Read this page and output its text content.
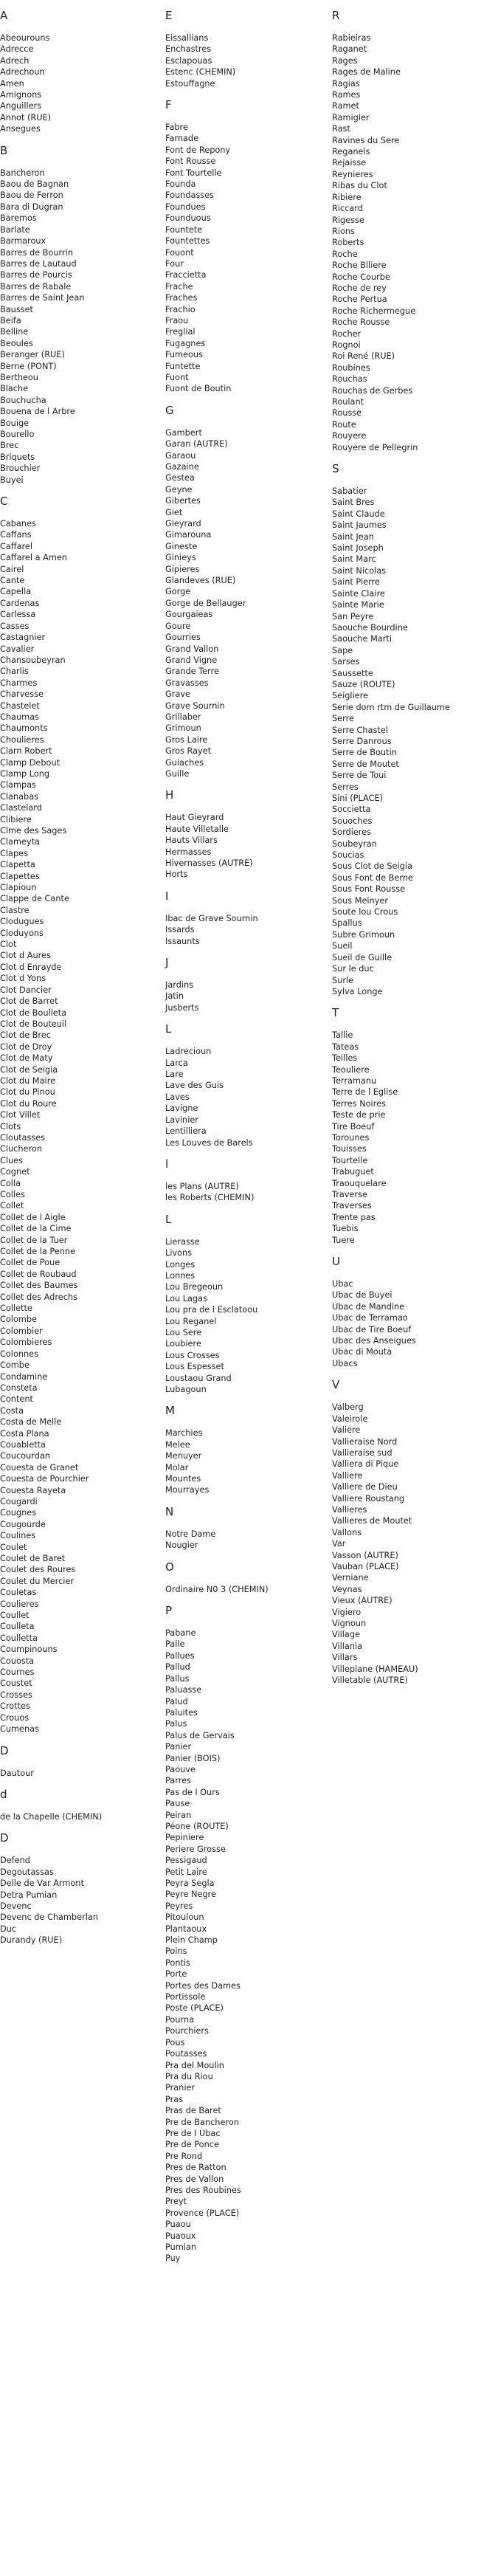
A
Abeourouns
Adrecce
Adrech
Adrechoun
Amen
Amignons
Anguillers
Annot (RUE)
Ansegues
B
Bancheron
Baou de Bagnan
Baou de Ferron
Bara di Dugran
Baremos
Barlate
Barmaroux
Barres de Bourrin
Barres de Lautaud
Barres de Pourcis
Barres de Rabale
Barres de Saint Jean
Bausset
Beifa
Belline
Beoules
Beranger (RUE)
Berne (PONT)
Bertheou
Blache
Bouchucha
Bouena de l Arbre
Bouige
Bourello
Brec
Briquets
Brouchier
Buyei
C
Cabanes
Caffans
Caffarel
Caffarel a Amen
Cairel
Cante
Capella
Cardenas
Carlessa
Casses
Castagnier
Cavalier
Chansoubeyran
Charlis
Charmes
Charvesse
Chastelet
Chaumas
Chaumonts
Choulieres
Clarn Robert
Clamp Debout
Clamp Long
Clampas
Clanabas
Clastelard
Clibiere
Clme des Sages
Clameyta
Clapes
Clapetta
Clapettes
Clapioun
Clappe de Cante
Clastre
Clodugues
Cloduyons
Clot
Clot d Aures
Clot d Enrayde
Clot d Yons
Clot Dancier
Clot de Barret
Clot de Boulleta
Clot de Bouteuil
Clot de Brec
Clot de Droy
Clot de Maty
Clot de Seigia
Clot du Maire
Clot du Pinou
Clot du Roure
Clot Villet
Clots
Cloutasses
Clucheron
Clues
Cognet
Colla
Colles
Collet
Collet de l Aigle
Collet de la Cime
Collet de la Tuer
Collet de la Penne
Collet de Poue
Collet de Roubaud
Collet des Baumes
Collet des Adrechs
Collette
Colombe
Colombier
Colombieres
Colonnes
Combe
Condamine
Consteta
Content
Costa
Costa de Melle
Costa Plana
Couabletta
Coucourdan
Couesta de Granet
Couesta de Pourchier
Couesta Rayeta
Cougardi
Cougnes
Cougourde
Coulines
Coulet
Coulet de Baret
Coulet des Roures
Coulet du Mercier
Couletas
Coulieres
Coullet
Coulleta
Coulletta
Coumpinouns
Couosta
Cournes
Coustet
Crosses
Crottes
Crouos
Cumenas
D
Dautour
d
de la Chapelle (CHEMIN)
D
Defend
Degoutassas
Delle de Var Armont
Detra Pumian
Devenc
Devenc de Chamberlan
Duc
Durandy (RUE)
E
Eissallians
Enchastres
Esclapouas
Estenc (CHEMIN)
Estouffagne
F
Fabre
Farnade
Font de Repony
Font Rousse
Font Tourtelle
Founda
Foundasses
Foundues
Founduous
Fountete
Fountettes
Fouont
Four
Fraccietta
Frache
Fraches
Frachio
Fraou
Freglial
Fugagnes
Fumeous
Funtette
Fuont
Fuont de Boutin
G
Gambert
Garan (AUTRE)
Garaou
Gazaine
Gestea
Geyne
Gibertes
Giet
Gieyrard
Gimarouna
Gineste
Ginieys
Gipieres
Glandeves (RUE)
Gorge
Gorge de Bellauger
Gourgaieas
Goure
Gourries
Grand Vallon
Grand Vigne
Grande Terre
Gravasses
Grave
Grave Sournin
Grillaber
Grimoun
Gros Laire
Gros Rayet
Guiaches
Guille
H
Haut Gieyrard
Haute Villetalle
Hauts Villars
Hermasses
Hivernasses (AUTRE)
Horts
I
Ibac de Grave Sournin
Issards
Issaunts
J
Jardins
Jatin
Jusberts
L
Ladrecioun
Larca
Lare
Lave des Guis
Laves
Lavigne
Lavinier
Lentilliera
Les Louves de Barels
l
les Plans (AUTRE)
les Roberts (CHEMIN)
L
Lierasse
Livons
Longes
Lonnes
Lou Bregeoun
Lou Lagas
Lou pra de l Esclatoou
Lou Reganel
Lou Sere
Loubiere
Lous Crosses
Lous Espesset
Loustaou Grand
Lubagoun
M
Marchies
Melee
Menuyer
Molar
Mountes
Mourrayes
N
Notre Dame
Nougier
O
Ordinaire N0 3 (CHEMIN)
P
Pabane
Palle
Pallues
Pallud
Pallus
Paluasse
Palud
Paluites
Palus
Palus de Gervais
Panier
Panier (BOIS)
Paouve
Parres
Pas de l Ours
Pause
Peiran
Péone (ROUTE)
Pepiniere
Periere Grosse
Pessigaud
Petit Laire
Peyra Segla
Peyre Negre
Peyres
Pitouloun
Plantaoux
Plein Champ
Poins
Pontis
Porte
Portes des Dames
Portissole
Poste (PLACE)
Pourna
Pourchiers
Pous
Poutasses
Pra del Moulin
Pra du Riou
Pranier
Pras
Pras de Baret
Pre de Bancheron
Pre de l Ubac
Pre de Ponce
Pre Rond
Pres de Ratton
Pres de Vallon
Pres des Roubines
Preyt
Provence (PLACE)
Puaou
Puaoux
Pumian
Puy
R
Rabieiras
Raganet
Rages
Rages de Maline
Ragias
Rames
Ramet
Ramigier
Rast
Ravines du Sere
Reganels
Rejaisse
Reynieres
Ribas du Clot
Ribiere
Riccard
Rigesse
Rions
Roberts
Roche
Roche Blliere
Roche Courbe
Roche de rey
Roche Pertua
Roche Richermegue
Roche Rousse
Rocher
Rognoi
Roi René (RUE)
Roubines
Rouchas
Rouchas de Gerbes
Roulant
Rousse
Route
Rouyere
Rouyere de Pellegrin
S
Sabatier
Saint Bres
Saint Claude
Saint Jaumes
Saint Jean
Saint Joseph
Saint Marc
Saint Nicolas
Saint Pierre
Sainte Claire
Sainte Marie
San Peyre
Saouche Bourdine
Saouche Marti
Sape
Sarses
Saussette
Sauze (ROUTE)
Seigliere
Serie dom rtm de Guillaume
Serre
Serre Chastel
Serre Danrous
Serre de Boutin
Serre de Moutet
Serre de Toui
Serres
Sini (PLACE)
Soccietta
Souoches
Sordieres
Soubeyran
Soucias
Sous Clot de Seigia
Sous Font de Berne
Sous Font Rousse
Sous Meinyer
Soute lou Crous
Spallus
Subre Grimoun
Sueil
Sueil de Guille
Sur le duc
Surle
Sylva Longe
T
Tallie
Tateas
Teilles
Teouliere
Terramanu
Terre de l Eglise
Terres Noires
Teste de prie
Tire Boeuf
Torounes
Touisses
Tourtelle
Trabuguet
Traouquelare
Traverse
Traverses
Trente pas
Tuebis
Tuere
U
Ubac
Ubac de Buyei
Ubac de Mandine
Ubac de Terramao
Ubac de Tire Boeuf
Ubac des Anseigues
Ubac di Mouta
Ubacs
V
Valberg
Valeirole
Valiere
Vallieraise Nord
Vallieraise sud
Valliera di Pique
Valliere
Valliere de Dieu
Valliere Roustang
Vallieres
Vallieres de Moutet
Vallons
Var
Vasson (AUTRE)
Vauban (PLACE)
Verniane
Veynas
Vieux (AUTRE)
Vigiero
Vignoun
Village
Villania
Villars
Villeplane (HAMEAU)
Villetable (AUTRE)
